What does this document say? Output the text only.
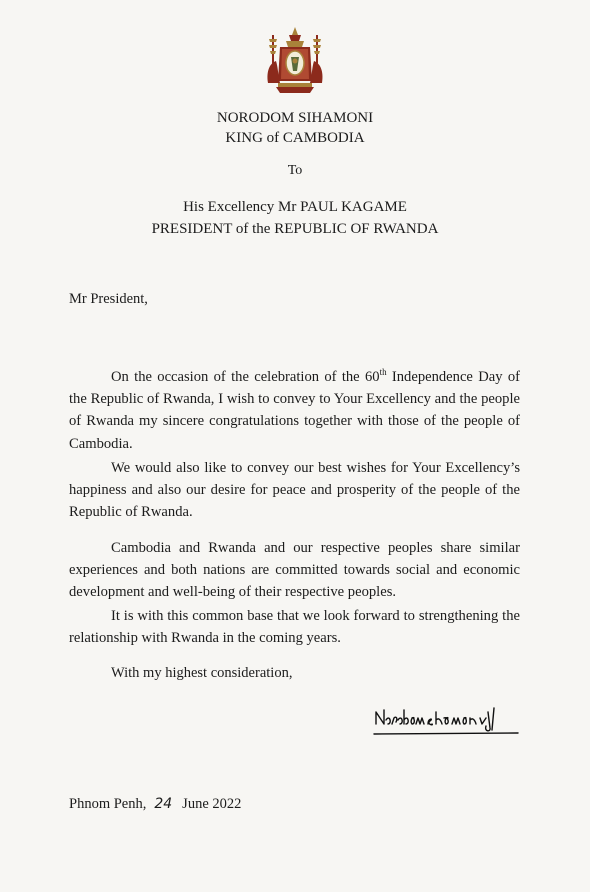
NORODOM SIHAMONI
KING of CAMBODIA
To
His Excellency Mr PAUL KAGAME
PRESIDENT of the REPUBLIC OF RWANDA
Mr President,

On the occasion of the celebration of the 60th Independence Day of the Republic of Rwanda, I wish to convey to Your Excellency and the people of Rwanda my sincere congratulations together with those of the people of Cambodia.

We would also like to convey our best wishes for Your Excellency’s happiness and also our desire for peace and prosperity of the people of the Republic of Rwanda.

Cambodia and Rwanda and our respective peoples share similar experiences and both nations are committed towards social and economic development and well-being of their respective peoples.

It is with this common base that we look forward to strengthening the relationship with Rwanda in the coming years.

With my highest consideration,
Phnom Penh, 24 June 2022
